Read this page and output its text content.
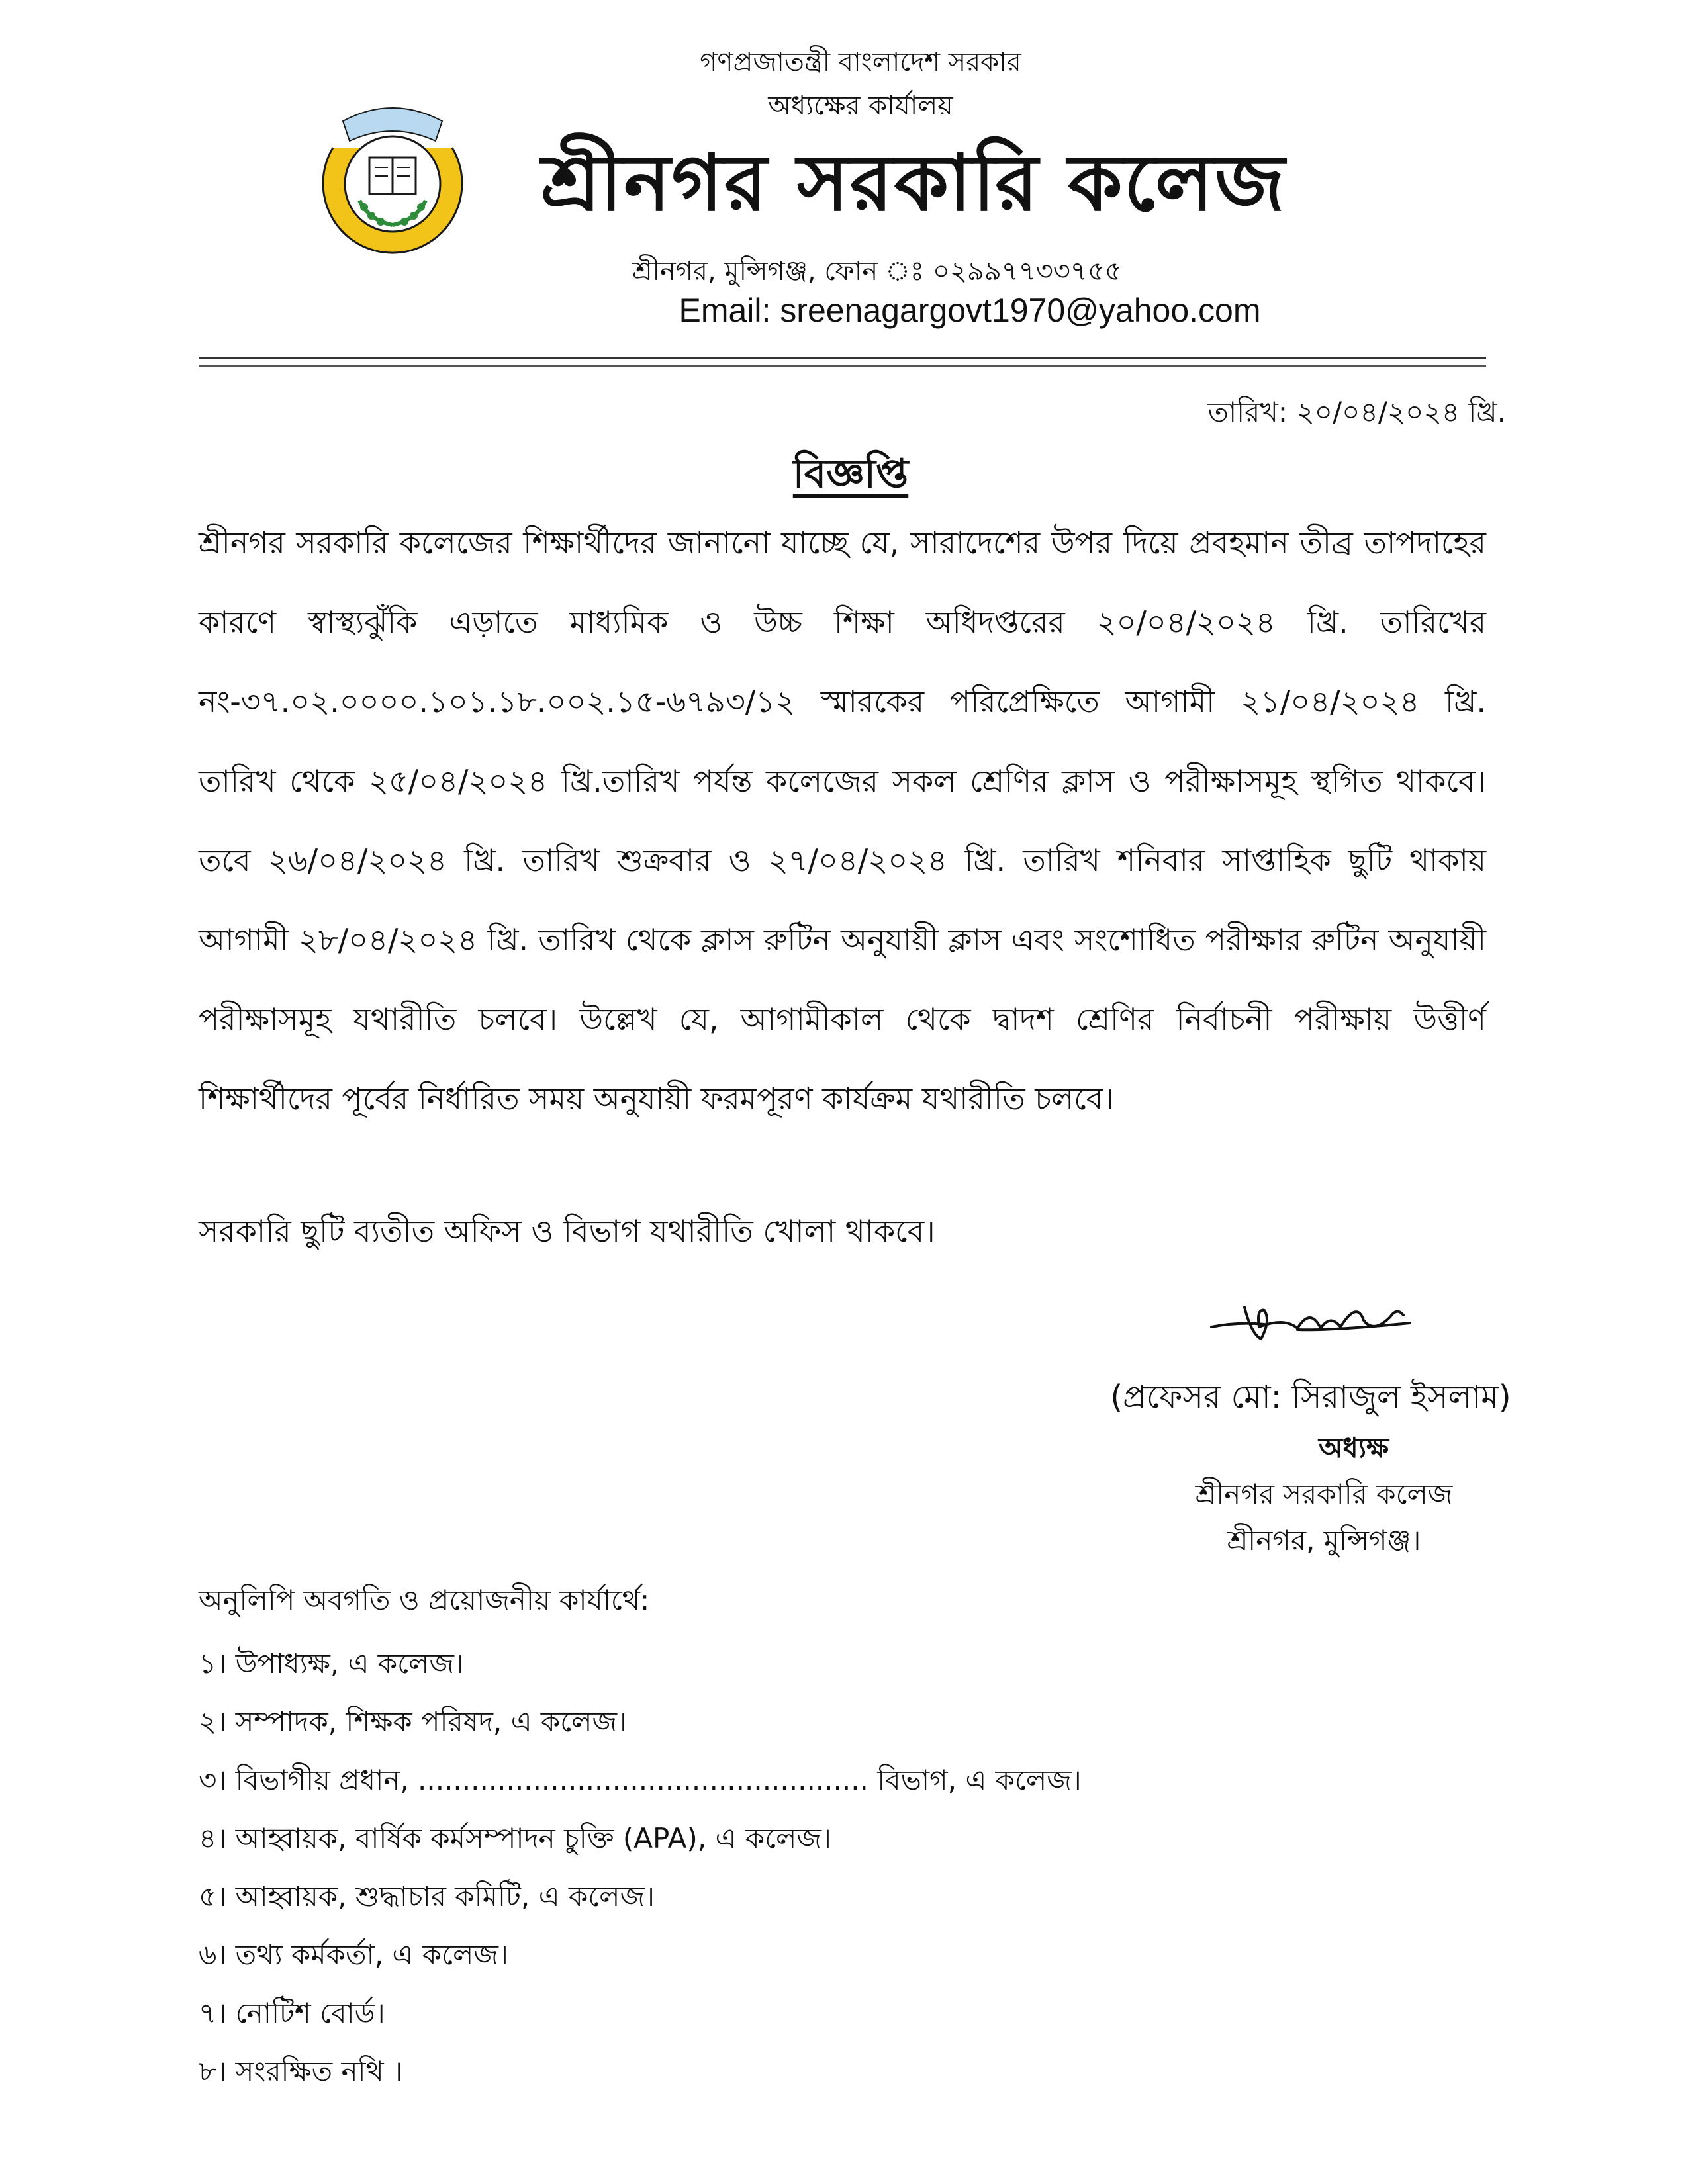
গণপ্রজাতন্ত্রী বাংলাদেশ সরকার
অধ্যক্ষের কার্যালয়
শ্রীনগর সরকারি কলেজ
শ্রীনগর, মুন্সিগঞ্জ, ফোন ঃ ০২৯৯৭৭৩৩৭৫৫
Email: sreenagargovt1970@yahoo.com
তারিখ: ২০/০৪/২০২৪ খ্রি.
বিজ্ঞপ্তি
শ্রীনগর সরকারি কলেজের শিক্ষার্থীদের জানানো যাচ্ছে যে, সারাদেশের উপর দিয়ে প্রবহমান তীব্র তাপদাহের কারণে স্বাস্থ্যঝুঁকি এড়াতে মাধ্যমিক ও উচ্চ শিক্ষা অধিদপ্তরের ২০/০৪/২০২৪ খ্রি. তারিখের নং-৩৭.০২.০০০০.১০১.১৮.০০২.১৫-৬৭৯৩/১২ স্মারকের পরিপ্রেক্ষিতে আগামী ২১/০৪/২০২৪ খ্রি. তারিখ থেকে ২৫/০৪/২০২৪ খ্রি.তারিখ পর্যন্ত কলেজের সকল শ্রেণির ক্লাস ও পরীক্ষাসমূহ স্থগিত থাকবে। তবে ২৬/০৪/২০২৪ খ্রি. তারিখ শুক্রবার ও ২৭/০৪/২০২৪ খ্রি. তারিখ শনিবার সাপ্তাহিক ছুটি থাকায় আগামী ২৮/০৪/২০২৪ খ্রি. তারিখ থেকে ক্লাস রুটিন অনুযায়ী ক্লাস এবং সংশোধিত পরীক্ষার রুটিন অনুযায়ী পরীক্ষাসমূহ যথারীতি চলবে। উল্লেখ যে, আগামীকাল থেকে দ্বাদশ শ্রেণির নির্বাচনী পরীক্ষায় উত্তীর্ণ শিক্ষার্থীদের পূর্বের নির্ধারিত সময় অনুযায়ী ফরমপূরণ কার্যক্রম যথারীতি চলবে।
সরকারি ছুটি ব্যতীত অফিস ও বিভাগ যথারীতি খোলা থাকবে।
(প্রফেসর মো: সিরাজুল ইসলাম)
অধ্যক্ষ
শ্রীনগর সরকারি কলেজ
শ্রীনগর, মুন্সিগঞ্জ।
অনুলিপি অবগতি ও প্রয়োজনীয় কার্যার্থে:
১। উপাধ্যক্ষ, এ কলেজ।
২। সম্পাদক, শিক্ষক পরিষদ, এ কলেজ।
৩। বিভাগীয় প্রধান, ................................................... বিভাগ, এ কলেজ।
৪। আহ্বায়ক, বার্ষিক কর্মসম্পাদন চুক্তি (APA), এ কলেজ।
৫। আহ্বায়ক, শুদ্ধাচার কমিটি, এ কলেজ।
৬। তথ্য কর্মকর্তা, এ কলেজ।
৭। নোটিশ বোর্ড।
৮। সংরক্ষিত নথি ।
